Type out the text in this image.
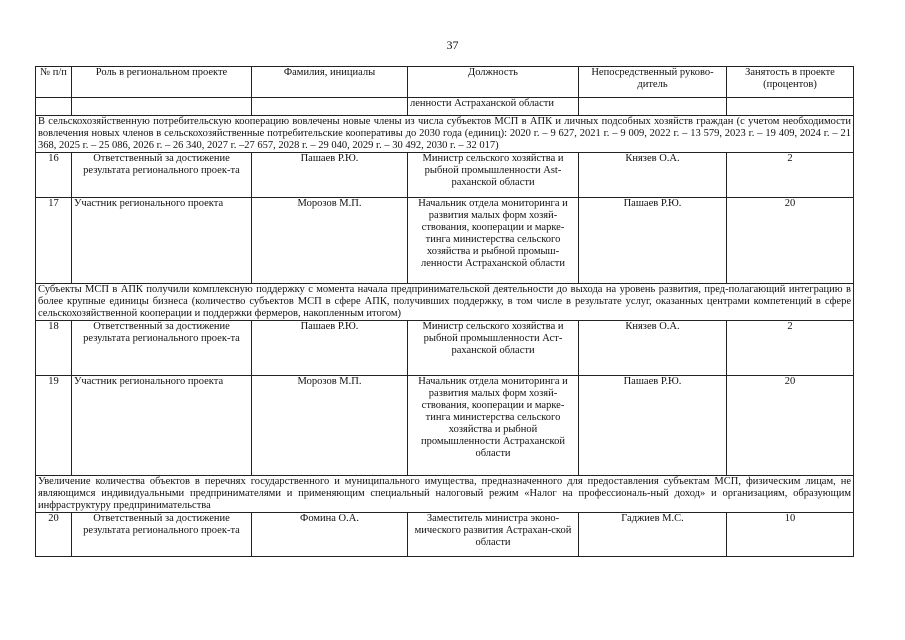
37
№ п/п	Роль в региональном проекте	Фамилия, инициалы	Должность	Непосредственный руково-дитель	Занятость в проекте (процентов)
			ленности Астраханской области		
В сельскохозяйственную потребительскую кооперацию вовлечены новые члены из числа субъектов МСП в АПК и личных подсобных хозяйств граждан (с учетом необходимости вовлечения новых членов в сельскохозяйственные потребительские кооперативы до 2030 года (единиц): 2020 г. – 9 627, 2021 г. – 9 009, 2022 г. – 13 579, 2023 г. – 19 409, 2024 г. – 21 368, 2025 г. – 25 086, 2026 г. – 26 340, 2027 г. –27 657, 2028 г. – 29 040, 2029 г. – 30 492, 2030 г. – 32 017)					
16	Ответственный за достижение результата регионального проек-та	Пашаев Р.Ю.	Министр сельского хозяйства и рыбной промышленности Ast-раханской области	Князев О.А.	2
17	Участник регионального проекта	Морозов М.П.	Начальник отдела мониторинга и развития малых форм хозяй-ствования, кооперации и марке-тинга министерства сельского хозяйства и рыбной промыш-ленности Астраханской области	Пашаев Р.Ю.	20
Субъекты МСП в АПК получили комплексную поддержку с момента начала предпринимательской деятельности до выхода на уровень развития, пред-полагающий интеграцию в более крупные единицы бизнеса (количество субъектов МСП в сфере АПК, получивших поддержку, в том числе в результате услуг, оказанных центрами компетенций в сфере сельскохозяйственной кооперации и поддержки фермеров, накопленным итогом)					
18	Ответственный за достижение результата регионального проек-та	Пашаев Р.Ю.	Министр сельского хозяйства и рыбной промышленности Аст-раханской области	Князев О.А.	2
19	Участник регионального проекта	Морозов М.П.	Начальник отдела мониторинга и развития малых форм хозяй-ствования, кооперации и марке-тинга министерства сельского хозяйства и рыбной промышленности Астраханской области	Пашаев Р.Ю.	20
Увеличение количества объектов в перечнях государственного и муниципального имущества, предназначенного для предоставления субъектам МСП, физическим лицам, не являющимся индивидуальными предпринимателями и применяющим специальный налоговый режим «Налог на профессиональ-ный доход» и организациям, образующим инфраструктуру предпринимательства					
20	Ответственный за достижение результата регионального проек-та	Фомина О.А.	Заместитель министра эконо-мического развития Астрахан-ской области	Гаджиев М.С.	10
